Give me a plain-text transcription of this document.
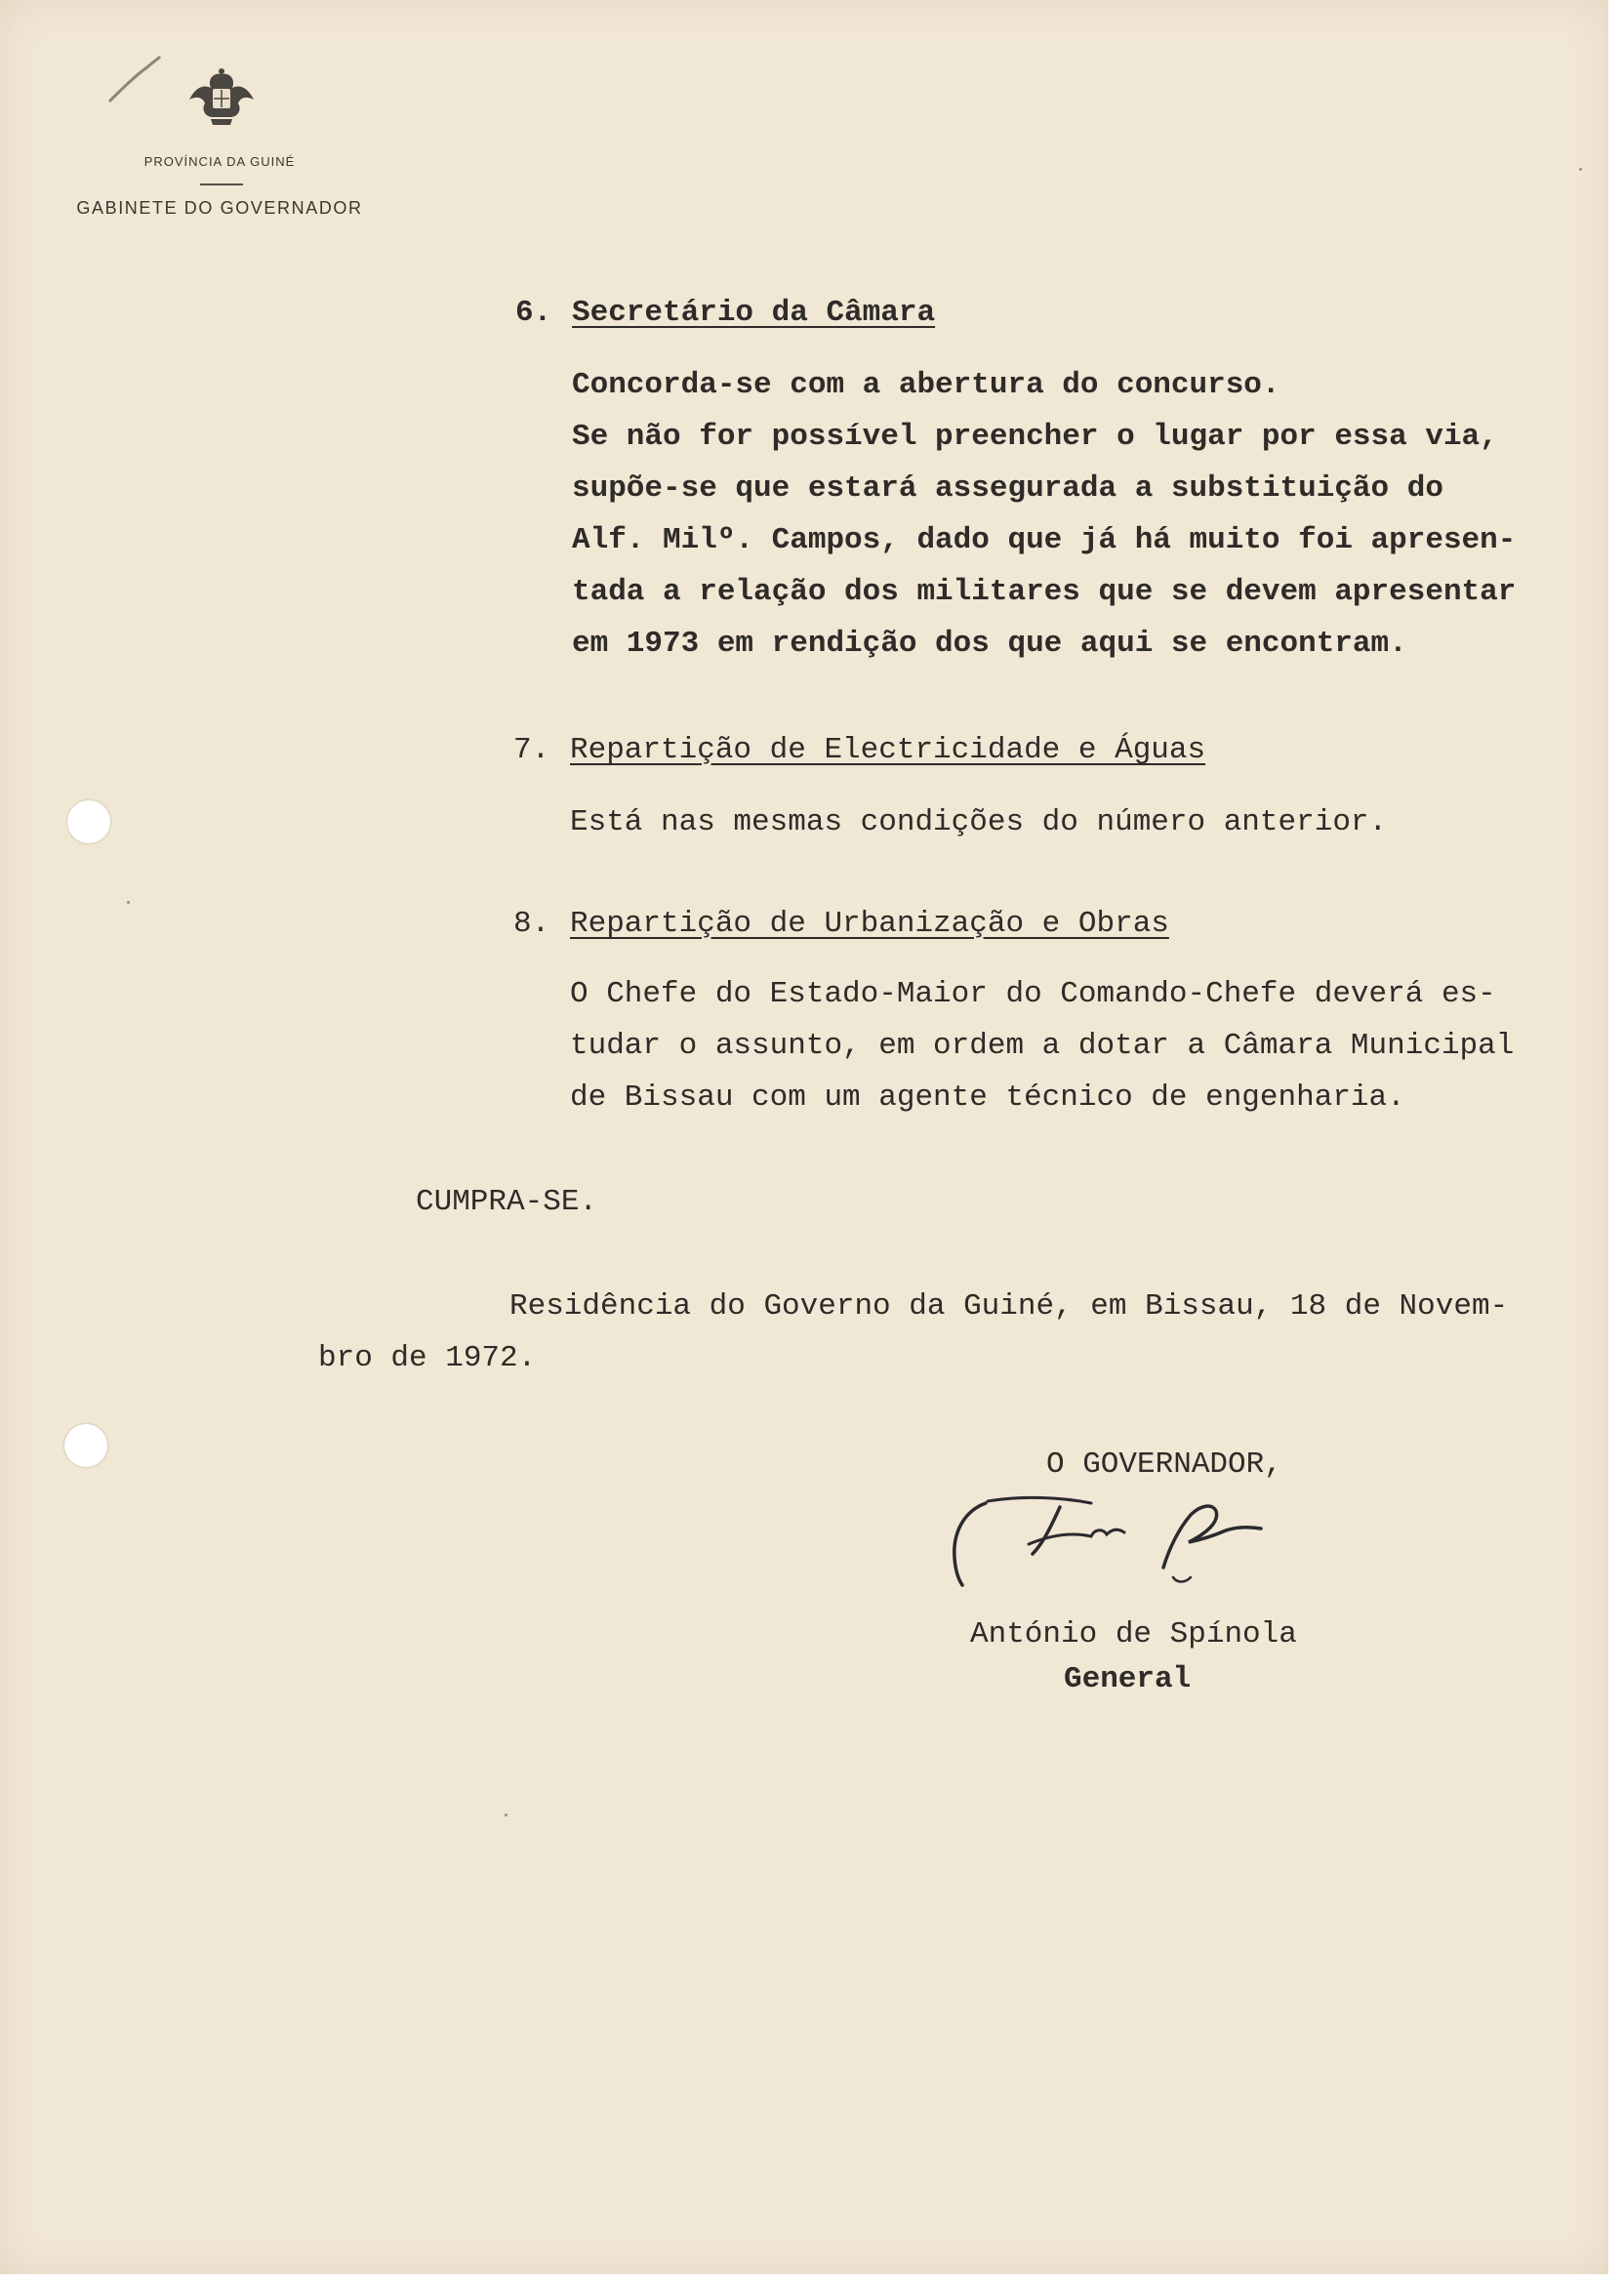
PROVÍNCIA DA GUINÉ
GABINETE DO GOVERNADOR
6. Secretário da Câmara
Concorda-se com a abertura do concurso.
Se não for possível preencher o lugar por essa via,
supõe-se que estará assegurada a substituição do
Alf. Milº. Campos, dado que já há muito foi apresen-
tada a relação dos militares que se devem apresentar
em 1973 em rendição dos que aqui se encontram.
7. Repartição de Electricidade e Águas
Está nas mesmas condições do número anterior.
8. Repartição de Urbanização e Obras
O Chefe do Estado-Maior do Comando-Chefe deverá es-
tudar o assunto, em ordem a dotar a Câmara Municipal
de Bissau com um agente técnico de engenharia.
CUMPRA-SE.
Residência do Governo da Guiné, em Bissau, 18 de Novem-
bro de 1972.
O GOVERNADOR,
António de Spínola
General
